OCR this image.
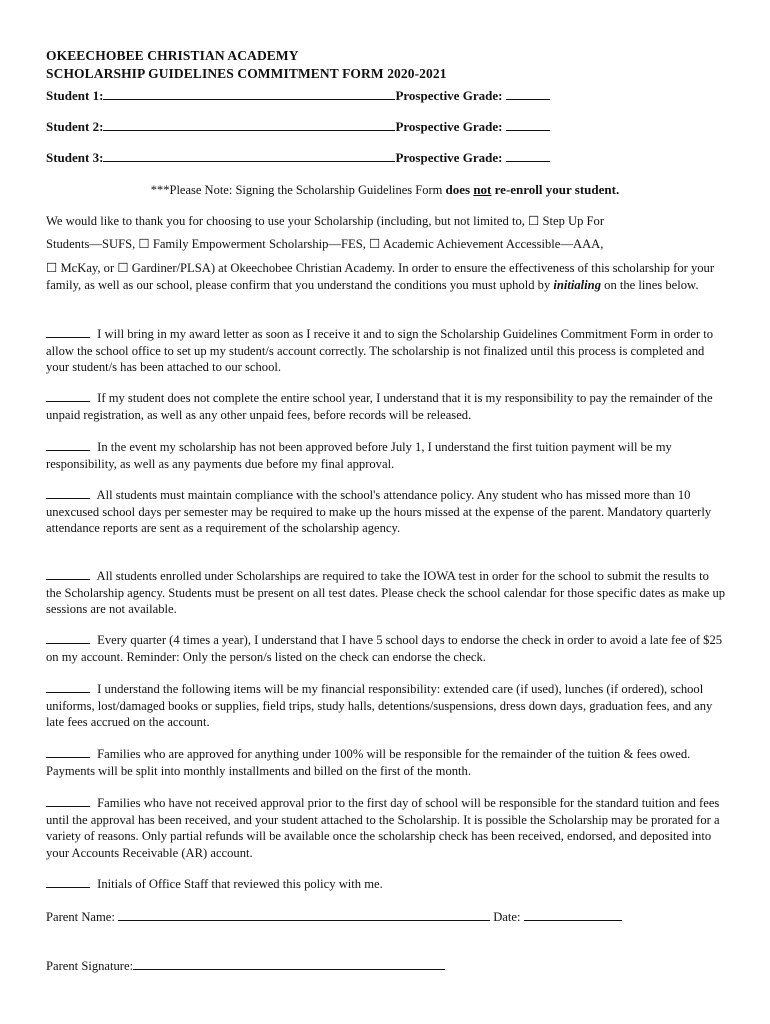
OKEECHOBEE CHRISTIAN ACADEMY
SCHOLARSHIP GUIDELINES COMMITMENT FORM 2020-2021
Student 1:	Prospective Grade:
Student 2:	Prospective Grade:
Student 3:	Prospective Grade:
***Please Note: Signing the Scholarship Guidelines Form does not re-enroll your student.
We would like to thank you for choosing to use your Scholarship (including, but not limited to, ☐ Step Up For
Students—SUFS, ☐ Family Empowerment Scholarship—FES, ☐ Academic Achievement Accessible—AAA,
☐ McKay, or ☐ Gardiner/PLSA) at Okeechobee Christian Academy. In order to ensure the effectiveness of this scholarship for your family, as well as our school, please confirm that you understand the conditions you must uphold by initialing on the lines below.
I will bring in my award letter as soon as I receive it and to sign the Scholarship Guidelines Commitment Form in order to allow the school office to set up my student/s account correctly. The scholarship is not finalized until this process is completed and your student/s has been attached to our school.
If my student does not complete the entire school year, I understand that it is my responsibility to pay the remainder of the unpaid registration, as well as any other unpaid fees, before records will be released.
In the event my scholarship has not been approved before July 1, I understand the first tuition payment will be my responsibility, as well as any payments due before my final approval.
All students must maintain compliance with the school's attendance policy. Any student who has missed more than 10 unexcused school days per semester may be required to make up the hours missed at the expense of the parent. Mandatory quarterly attendance reports are sent as a requirement of the scholarship agency.
All students enrolled under Scholarships are required to take the IOWA test in order for the school to submit the results to the Scholarship agency. Students must be present on all test dates. Please check the school calendar for those specific dates as make up sessions are not available.
Every quarter (4 times a year), I understand that I have 5 school days to endorse the check in order to avoid a late fee of $25 on my account. Reminder: Only the person/s listed on the check can endorse the check.
I understand the following items will be my financial responsibility: extended care (if used), lunches (if ordered), school uniforms, lost/damaged books or supplies, field trips, study halls, detentions/suspensions, dress down days, graduation fees, and any late fees accrued on the account.
Families who are approved for anything under 100% will be responsible for the remainder of the tuition & fees owed. Payments will be split into monthly installments and billed on the first of the month.
Families who have not received approval prior to the first day of school will be responsible for the standard tuition and fees until the approval has been received, and your student attached to the Scholarship. It is possible the Scholarship may be prorated for a variety of reasons. Only partial refunds will be available once the scholarship check has been received, endorsed, and deposited into your Accounts Receivable (AR) account.
Initials of Office Staff that reviewed this policy with me.
Parent Name:	Date:
Parent Signature:
